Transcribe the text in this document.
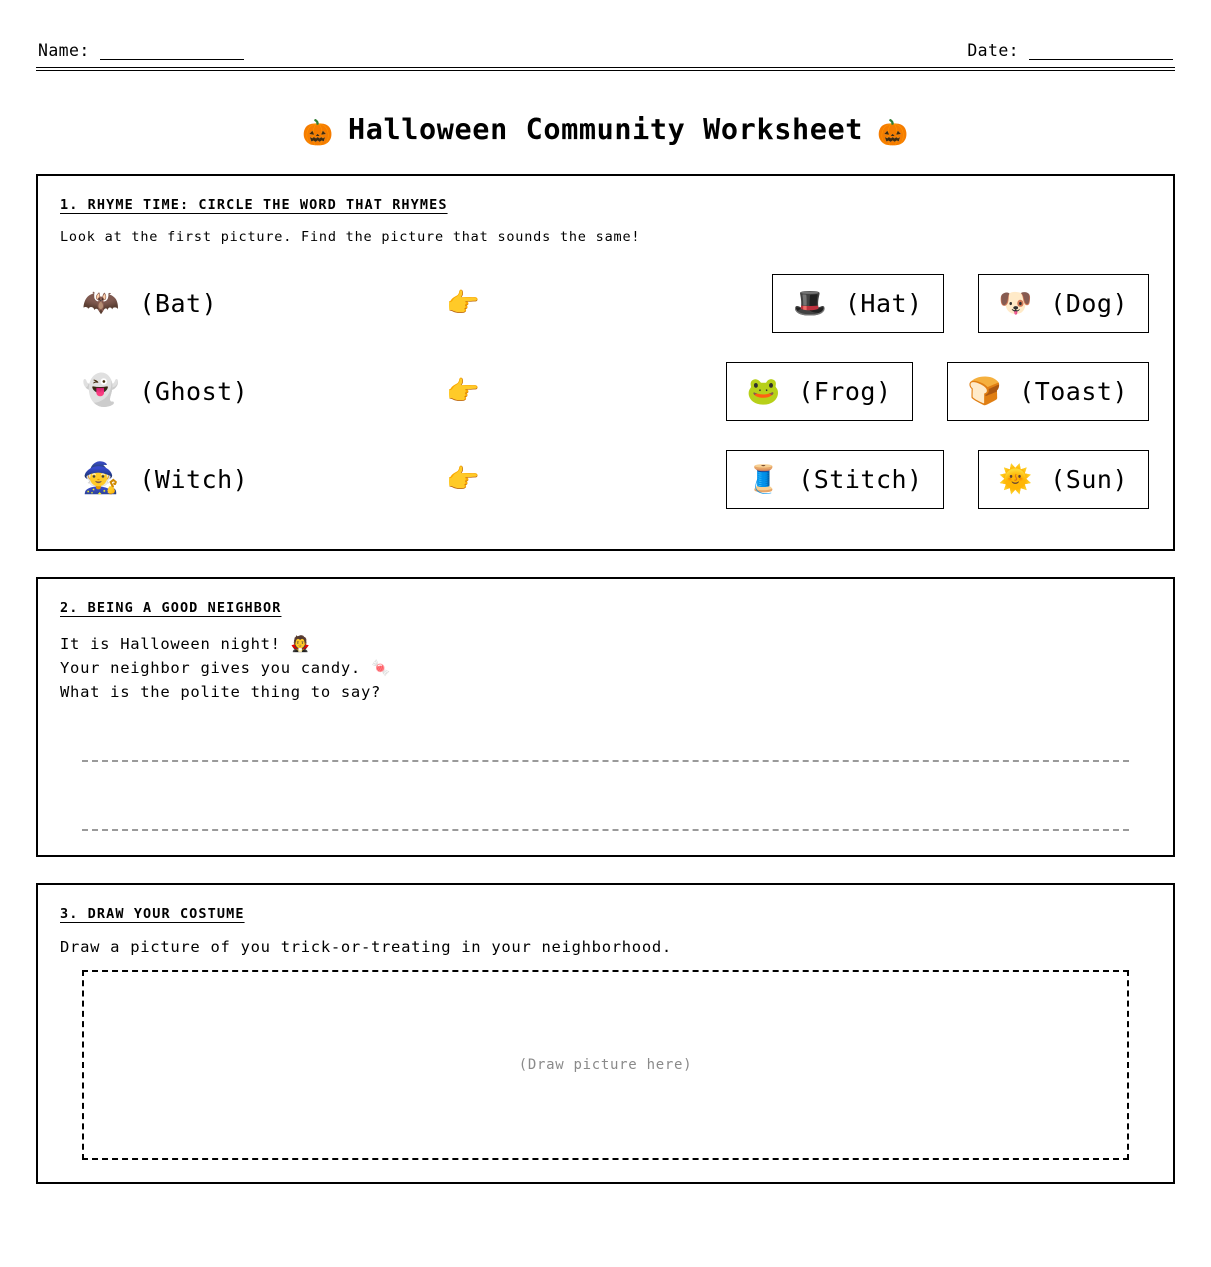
Name:	Date:
🎃 Halloween Community Worksheet 🎃
1. RHYME TIME: CIRCLE THE WORD THAT RHYMES

Look at the first picture. Find the picture that sounds the same!

🦇 (Bat)	👉	🎩 (Hat)	🐶 (Dog)
👻 (Ghost)	👉	🐸 (Frog)	🍞 (Toast)
🧙 (Witch)	👉	🧵 (Stitch)	🌞 (Sun)
2. BEING A GOOD NEIGHBOR

It is Halloween night! 🧛
Your neighbor gives you candy. 🍬
What is the polite thing to say?

3. DRAW YOUR COSTUME

Draw a picture of you trick-or-treating in your neighborhood.

(Draw picture here)
